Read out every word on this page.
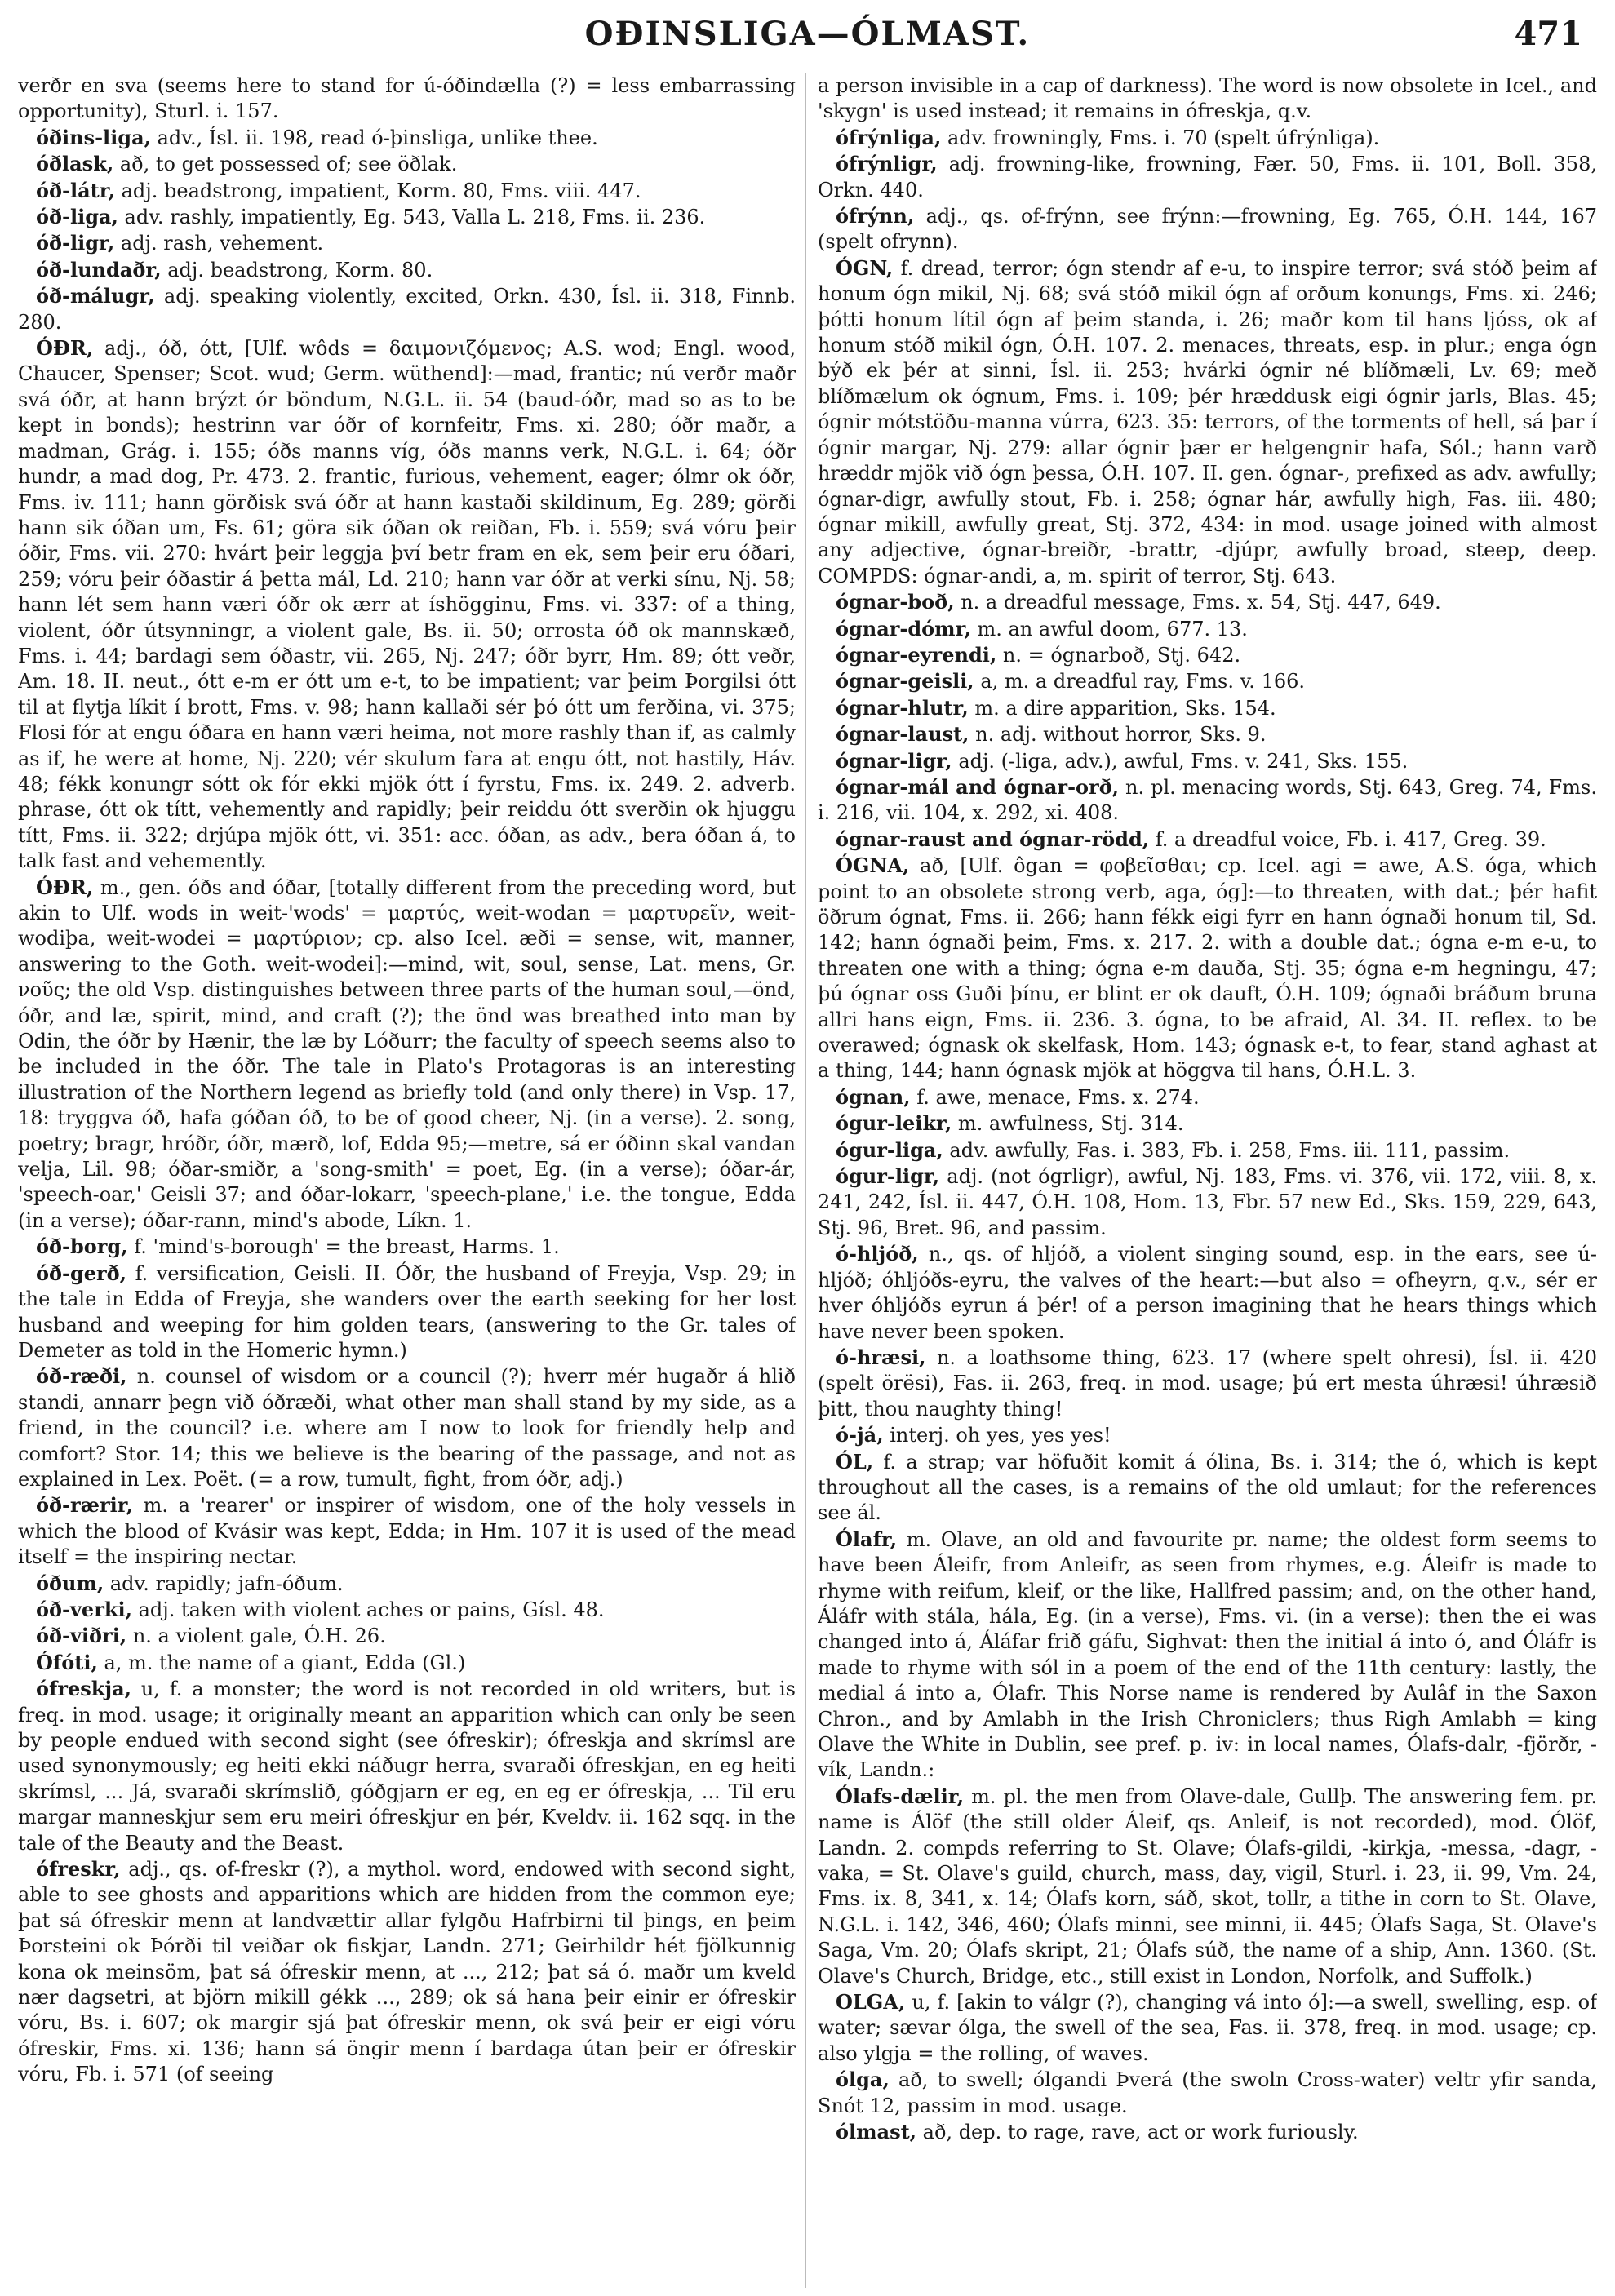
OÐINSLIGA—ÓLMAST.	471

verðr en sva (seems here to stand for ú-óðindælla (?) = less embarrassing opportunity), Sturl. i. 157.

óðins-liga, adv., Ísl. ii. 198, read ó-þinsliga, unlike thee.

óðlask, að, to get possessed of; see öðlak.

óð-látr, adj. beadstrong, impatient, Korm. 80, Fms. viii. 447.

óð-liga, adv. rashly, impatiently, Eg. 543, Valla L. 218, Fms. ii. 236.

óð-ligr, adj. rash, vehement.

óð-lundaðr, adj. beadstrong, Korm. 80.

óð-málugr, adj. speaking violently, excited, Orkn. 430, Ísl. ii. 318, Finnb. 280.

ÓÐR, adj., óð, ótt, [Ulf. wôds = δαιμονιζόμενος; A.S. wod; Engl. wood, Chaucer, Spenser; Scot. wud; Germ. wüthend]:—mad, frantic; nú verðr maðr svá óðr, at hann brýzt ór böndum, N.G.L. ii. 54 (baud-óðr, mad so as to be kept in bonds); hestrinn var óðr of kornfeitr, Fms. xi. 280; óðr maðr, a madman, Grág. i. 155; óðs manns víg, óðs manns verk, N.G.L. i. 64; óðr hundr, a mad dog, Pr. 473. 2. frantic, furious, vehement, eager; ólmr ok óðr, Fms. iv. 111; hann görðisk svá óðr at hann kastaði skildinum, Eg. 289; görði hann sik óðan um, Fs. 61; göra sik óðan ok reiðan, Fb. i. 559; svá vóru þeir óðir, Fms. vii. 270: hvárt þeir leggja því betr fram en ek, sem þeir eru óðari, 259; vóru þeir óðastir á þetta mál, Ld. 210; hann var óðr at verki sínu, Nj. 58; hann lét sem hann væri óðr ok ærr at íshögginu, Fms. vi. 337: of a thing, violent, óðr útsynningr, a violent gale, Bs. ii. 50; orrosta óð ok mannskæð, Fms. i. 44; bardagi sem óðastr, vii. 265, Nj. 247; óðr byrr, Hm. 89; ótt veðr, Am. 18. II. neut., ótt e-m er ótt um e-t, to be impatient; var þeim Þorgilsi ótt til at flytja líkit í brott, Fms. v. 98; hann kallaði sér þó ótt um ferðina, vi. 375; Flosi fór at engu óðara en hann væri heima, not more rashly than if, as calmly as if, he were at home, Nj. 220; vér skulum fara at engu ótt, not hastily, Háv. 48; fékk konungr sótt ok fór ekki mjök ótt í fyrstu, Fms. ix. 249. 2. adverb. phrase, ótt ok títt, vehemently and rapidly; þeir reiddu ótt sverðin ok hjuggu títt, Fms. ii. 322; drjúpa mjök ótt, vi. 351: acc. óðan, as adv., bera óðan á, to talk fast and vehemently.

ÓÐR, m., gen. óðs and óðar, [totally different from the preceding word, but akin to Ulf. wods in weit-'wods' = μαρτύς, weit-wodan = μαρτυρεῖν, weit-wodiþa, weit-wodei = μαρτύριον; cp. also Icel. æði = sense, wit, manner, answering to the Goth. weit-wodei]:—mind, wit, soul, sense, Lat. mens, Gr. νοῦς; the old Vsp. distinguishes between three parts of the human soul,—önd, óðr, and læ, spirit, mind, and craft (?); the önd was breathed into man by Odin, the óðr by Hænir, the læ by Lóðurr; the faculty of speech seems also to be included in the óðr. The tale in Plato's Protagoras is an interesting illustration of the Northern legend as briefly told (and only there) in Vsp. 17, 18: tryggva óð, hafa góðan óð, to be of good cheer, Nj. (in a verse). 2. song, poetry; bragr, hróðr, óðr, mærð, lof, Edda 95;—metre, sá er óðinn skal vandan velja, Lil. 98; óðar-smiðr, a 'song-smith' = poet, Eg. (in a verse); óðar-ár, 'speech-oar,' Geisli 37; and óðar-lokarr, 'speech-plane,' i.e. the tongue, Edda (in a verse); óðar-rann, mind's abode, Líkn. 1.

óð-borg, f. 'mind's-borough' = the breast, Harms. 1.

óð-gerð, f. versification, Geisli. II. Óðr, the husband of Freyja, Vsp. 29; in the tale in Edda of Freyja, she wanders over the earth seeking for her lost husband and weeping for him golden tears, (answering to the Gr. tales of Demeter as told in the Homeric hymn.)

óð-ræði, n. counsel of wisdom or a council (?); hverr mér hugaðr á hlið standi, annarr þegn við óðræði, what other man shall stand by my side, as a friend, in the council? i.e. where am I now to look for friendly help and comfort? Stor. 14; this we believe is the bearing of the passage, and not as explained in Lex. Poët. (= a row, tumult, fight, from óðr, adj.)

óð-rærir, m. a 'rearer' or inspirer of wisdom, one of the holy vessels in which the blood of Kvásir was kept, Edda; in Hm. 107 it is used of the mead itself = the inspiring nectar.

óðum, adv. rapidly; jafn-óðum.

óð-verki, adj. taken with violent aches or pains, Gísl. 48.

óð-viðri, n. a violent gale, Ó.H. 26.

Ófóti, a, m. the name of a giant, Edda (Gl.)

ófreskja, u, f. a monster; the word is not recorded in old writers, but is freq. in mod. usage; it originally meant an apparition which can only be seen by people endued with second sight (see ófreskir); ófreskja and skrímsl are used synonymously; eg heiti ekki náðugr herra, svaraði ófreskjan, en eg heiti skrímsl, ... Já, svaraði skrímslið, góðgjarn er eg, en eg er ófreskja, ... Til eru margar manneskjur sem eru meiri ófreskjur en þér, Kveldv. ii. 162 sqq. in the tale of the Beauty and the Beast.

ófreskr, adj., qs. of-freskr (?), a mythol. word, endowed with second sight, able to see ghosts and apparitions which are hidden from the common eye; þat sá ófreskir menn at landvættir allar fylgðu Hafrbirni til þings, en þeim Þorsteini ok Þórði til veiðar ok fiskjar, Landn. 271; Geirhildr hét fjölkunnig kona ok meinsöm, þat sá ófreskir menn, at ..., 212; þat sá ó. maðr um kveld nær dagsetri, at björn mikill gékk ..., 289; ok sá hana þeir einir er ófreskir vóru, Bs. i. 607; ok margir sjá þat ófreskir menn, ok svá þeir er eigi vóru ófreskir, Fms. xi. 136; hann sá öngir menn í bardaga útan þeir er ófreskir vóru, Fb. i. 571 (of seeing

a person invisible in a cap of darkness). The word is now obsolete in Icel., and 'skygn' is used instead; it remains in ófreskja, q.v.

ófrýnliga, adv. frowningly, Fms. i. 70 (spelt úfrýnliga).

ófrýnligr, adj. frowning-like, frowning, Fær. 50, Fms. ii. 101, Boll. 358, Orkn. 440.

ófrýnn, adj., qs. of-frýnn, see frýnn:—frowning, Eg. 765, Ó.H. 144, 167 (spelt ofrynn).

ÓGN, f. dread, terror; ógn stendr af e-u, to inspire terror; svá stóð þeim af honum ógn mikil, Nj. 68; svá stóð mikil ógn af orðum konungs, Fms. xi. 246; þótti honum lítil ógn af þeim standa, i. 26; maðr kom til hans ljóss, ok af honum stóð mikil ógn, Ó.H. 107. 2. menaces, threats, esp. in plur.; enga ógn býð ek þér at sinni, Ísl. ii. 253; hvárki ógnir né blíðmæli, Lv. 69; með blíðmælum ok ógnum, Fms. i. 109; þér hræddusk eigi ógnir jarls, Blas. 45; ógnir mótstöðu-manna vúrra, 623. 35: terrors, of the torments of hell, sá þar í ógnir margar, Nj. 279: allar ógnir þær er helgengnir hafa, Sól.; hann varð hræddr mjök við ógn þessa, Ó.H. 107. II. gen. ógnar-, prefixed as adv. awfully; ógnar-digr, awfully stout, Fb. i. 258; ógnar hár, awfully high, Fas. iii. 480; ógnar mikill, awfully great, Stj. 372, 434: in mod. usage joined with almost any adjective, ógnar-breiðr, -brattr, -djúpr, awfully broad, steep, deep. COMPDS: ógnar-andi, a, m. spirit of terror, Stj. 643.

ógnar-boð, n. a dreadful message, Fms. x. 54, Stj. 447, 649.

ógnar-dómr, m. an awful doom, 677. 13.

ógnar-eyrendi, n. = ógnarboð, Stj. 642.

ógnar-geisli, a, m. a dreadful ray, Fms. v. 166.

ógnar-hlutr, m. a dire apparition, Sks. 154.

ógnar-laust, n. adj. without horror, Sks. 9.

ógnar-ligr, adj. (-liga, adv.), awful, Fms. v. 241, Sks. 155.

ógnar-mál and ógnar-orð, n. pl. menacing words, Stj. 643, Greg. 74, Fms. i. 216, vii. 104, x. 292, xi. 408.

ógnar-raust and ógnar-rödd, f. a dreadful voice, Fb. i. 417, Greg. 39.

ÓGNA, að, [Ulf. ôgan = φοβεῖσθαι; cp. Icel. agi = awe, A.S. óga, which point to an obsolete strong verb, aga, óg]:—to threaten, with dat.; þér hafit öðrum ógnat, Fms. ii. 266; hann fékk eigi fyrr en hann ógnaði honum til, Sd. 142; hann ógnaði þeim, Fms. x. 217. 2. with a double dat.; ógna e-m e-u, to threaten one with a thing; ógna e-m dauða, Stj. 35; ógna e-m hegningu, 47; þú ógnar oss Guði þínu, er blint er ok dauft, Ó.H. 109; ógnaði bráðum bruna allri hans eign, Fms. ii. 236. 3. ógna, to be afraid, Al. 34. II. reflex. to be overawed; ógnask ok skelfask, Hom. 143; ógnask e-t, to fear, stand aghast at a thing, 144; hann ógnask mjök at höggva til hans, Ó.H.L. 3.

ógnan, f. awe, menace, Fms. x. 274.

ógur-leikr, m. awfulness, Stj. 314.

ógur-liga, adv. awfully, Fas. i. 383, Fb. i. 258, Fms. iii. 111, passim.

ógur-ligr, adj. (not ógrligr), awful, Nj. 183, Fms. vi. 376, vii. 172, viii. 8, x. 241, 242, Ísl. ii. 447, Ó.H. 108, Hom. 13, Fbr. 57 new Ed., Sks. 159, 229, 643, Stj. 96, Bret. 96, and passim.

ó-hljóð, n., qs. of hljóð, a violent singing sound, esp. in the ears, see ú-hljóð; óhljóðs-eyru, the valves of the heart:—but also = ofheyrn, q.v., sér er hver óhljóðs eyrun á þér! of a person imagining that he hears things which have never been spoken.

ó-hræsi, n. a loathsome thing, 623. 17 (where spelt ohresi), Ísl. ii. 420 (spelt örësi), Fas. ii. 263, freq. in mod. usage; þú ert mesta úhræsi! úhræsið þitt, thou naughty thing!

ó-já, interj. oh yes, yes yes!

ÓL, f. a strap; var höfuðit komit á ólina, Bs. i. 314; the ó, which is kept throughout all the cases, is a remains of the old umlaut; for the references see ál.

Ólafr, m. Olave, an old and favourite pr. name; the oldest form seems to have been Áleifr, from Anleifr, as seen from rhymes, e.g. Áleifr is made to rhyme with reifum, kleif, or the like, Hallfred passim; and, on the other hand, Áláfr with stála, hála, Eg. (in a verse), Fms. vi. (in a verse): then the ei was changed into á, Áláfar frið gáfu, Sighvat: then the initial á into ó, and Óláfr is made to rhyme with sól in a poem of the end of the 11th century: lastly, the medial á into a, Ólafr. This Norse name is rendered by Aulâf in the Saxon Chron., and by Amlabh in the Irish Chroniclers; thus Righ Amlabh = king Olave the White in Dublin, see pref. p. iv: in local names, Ólafs-dalr, -fjörðr, -vík, Landn.:

Ólafs-dælir, m. pl. the men from Olave-dale, Gullþ. The answering fem. pr. name is Álöf (the still older Áleif, qs. Anleif, is not recorded), mod. Ólöf, Landn. 2. compds referring to St. Olave; Ólafs-gildi, -kirkja, -messa, -dagr, -vaka, = St. Olave's guild, church, mass, day, vigil, Sturl. i. 23, ii. 99, Vm. 24, Fms. ix. 8, 341, x. 14; Ólafs korn, sáð, skot, tollr, a tithe in corn to St. Olave, N.G.L. i. 142, 346, 460; Ólafs minni, see minni, ii. 445; Ólafs Saga, St. Olave's Saga, Vm. 20; Ólafs skript, 21; Ólafs súð, the name of a ship, Ann. 1360. (St. Olave's Church, Bridge, etc., still exist in London, Norfolk, and Suffolk.)

OLGA, u, f. [akin to válgr (?), changing vá into ó]:—a swell, swelling, esp. of water; sævar ólga, the swell of the sea, Fas. ii. 378, freq. in mod. usage; cp. also ylgja = the rolling, of waves.

ólga, að, to swell; ólgandi Þverá (the swoln Cross-water) veltr yfir sanda, Snót 12, passim in mod. usage.

ólmast, að, dep. to rage, rave, act or work furiously.
